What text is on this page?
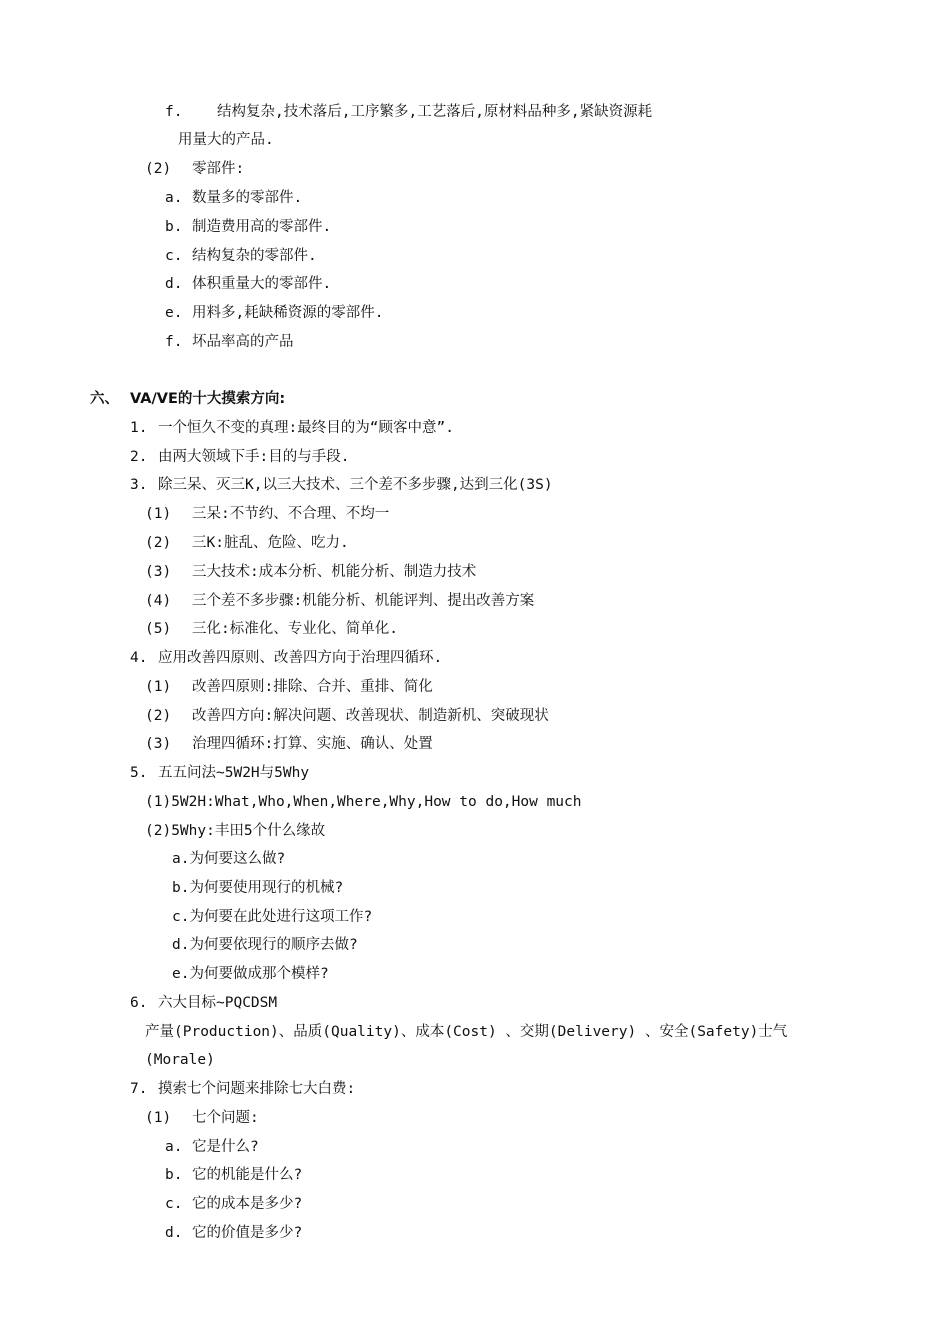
f. 结构复杂,技术落后,工序繁多,工艺落后,原材料品种多,紧缺资源耗
用量大的产品.
(2) 零部件:
a. 数量多的零部件.
b. 制造费用高的零部件.
c. 结构复杂的零部件.
d. 体积重量大的零部件.
e. 用料多,耗缺稀资源的零部件.
f. 坏品率高的产品
六、 VA/VE的十大摸索方向:
1. 一个恒久不变的真理:最终目的为“顾客中意”.
2. 由两大领域下手:目的与手段.
3. 除三呆、灭三K,以三大技术、三个差不多步骤,达到三化(3S)
(1) 三呆:不节约、不合理、不均一
(2) 三K:脏乱、危险、吃力.
(3) 三大技术:成本分析、机能分析、制造力技术
(4) 三个差不多步骤:机能分析、机能评判、提出改善方案
(5) 三化:标准化、专业化、简单化.
4. 应用改善四原则、改善四方向于治理四循环.
(1) 改善四原则:排除、合并、重排、简化
(2) 改善四方向:解决问题、改善现状、制造新机、突破现状
(3) 治理四循环:打算、实施、确认、处置
5. 五五问法~5W2H与5Why
(1)5W2H:What,Who,When,Where,Why,How to do,How much
(2)5Why:丰田5个什么缘故
a.为何要这么做?
b.为何要使用现行的机械?
c.为何要在此处进行这项工作?
d.为何要依现行的顺序去做?
e.为何要做成那个模样?
6. 六大目标~PQCDSM
产量(Production)、品质(Quality)、成本(Cost) 、交期(Delivery) 、安全(Safety)士气
(Morale)
7. 摸索七个问题来排除七大白费:
(1) 七个问题:
a. 它是什么?
b. 它的机能是什么?
c. 它的成本是多少?
d. 它的价值是多少?
